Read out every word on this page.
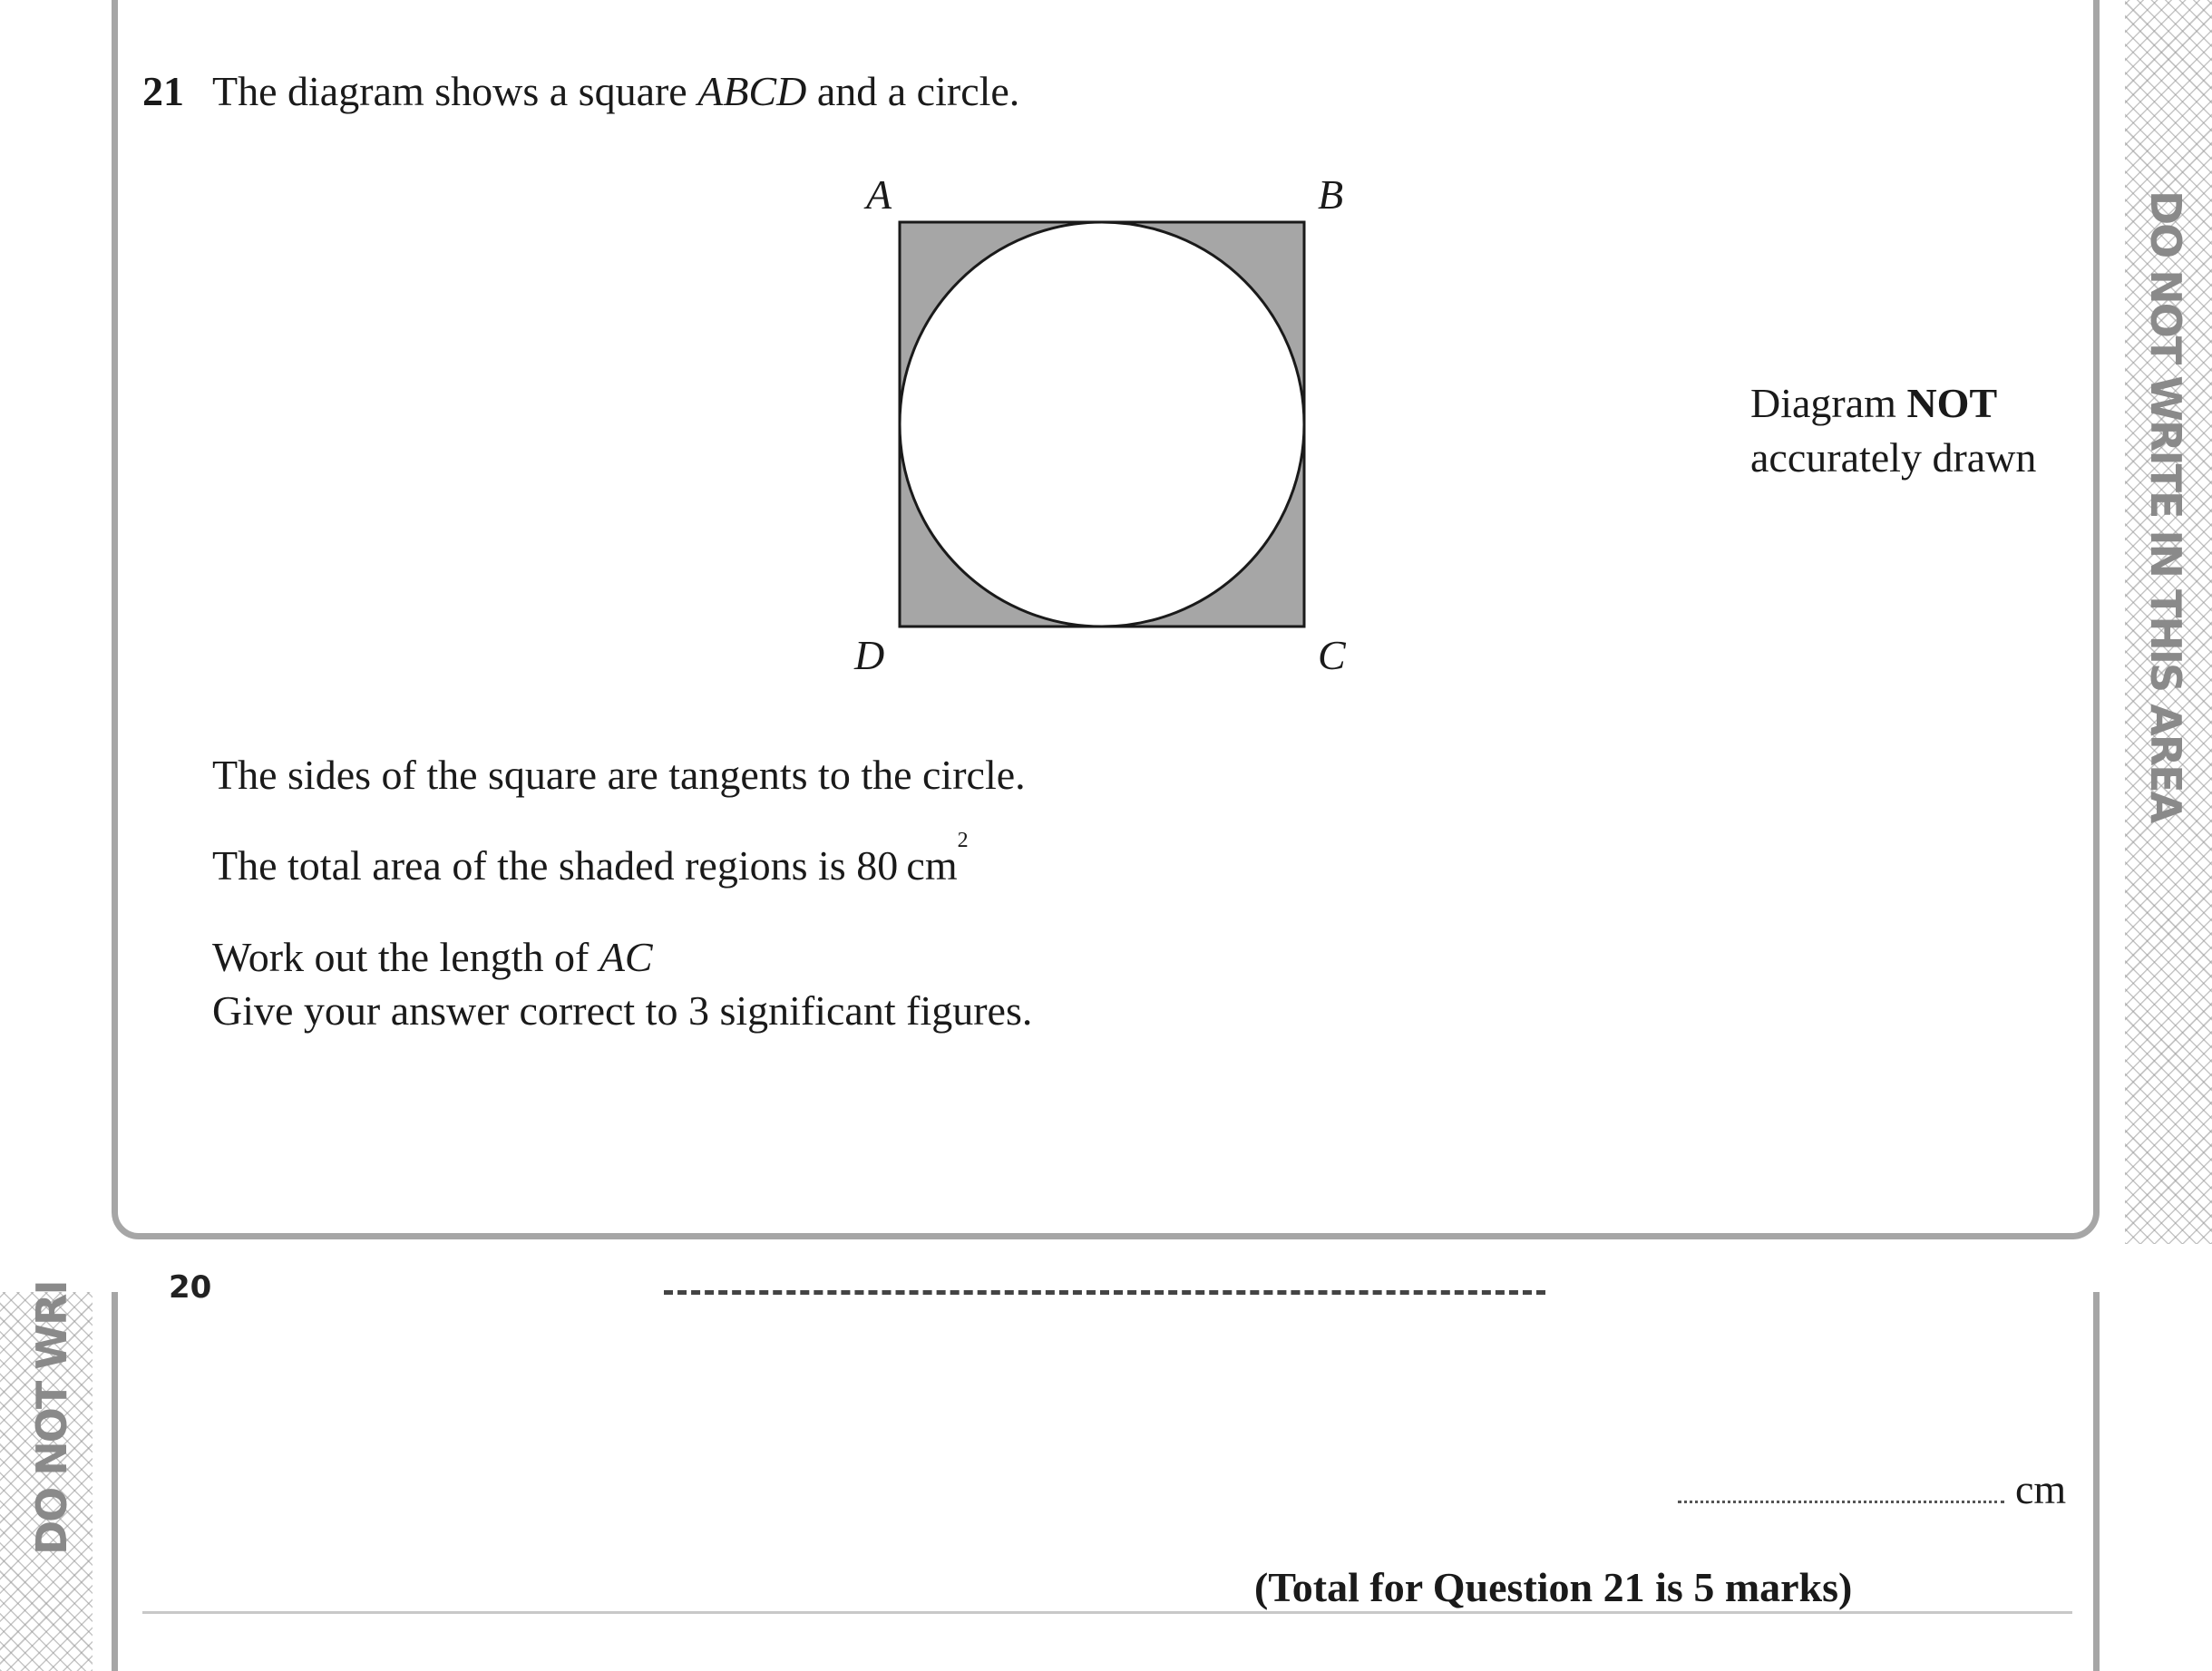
DO NOT WRITE IN THIS AREA
DO NOT WRI
21 The diagram shows a square ABCD and a circle.
A	B
C
D
Diagram NOT
accurately drawn
The sides of the square are tangents to the circle.
The total area of the shaded regions is 80 $cm^2$
Work out the length of AC
Give your answer correct to 3 significant figures.
20
cm
(Total for Question 21 is 5 marks)
